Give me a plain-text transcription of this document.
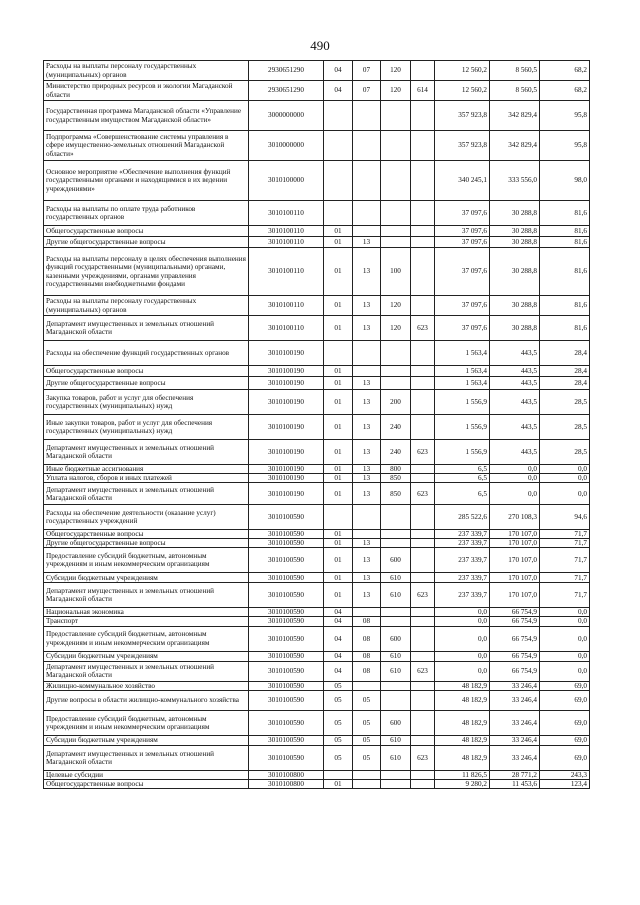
490
Расходы на выплаты персоналу государственных (муниципальных) органов	2930651290	04	07	120		12 560,2	8 560,5	68,2
Министерство природных ресурсов и экологии Магаданской области	2930651290	04	07	120	614	12 560,2	8 560,5	68,2
Государственная программа Магаданской области «Управление государственным имуществом Магаданской области»	3000000000					357 923,8	342 829,4	95,8
Подпрограмма «Совершенствование системы управления в сфере имущественно-земельных отношений Магаданской области»	3010000000					357 923,8	342 829,4	95,8
Основное мероприятие «Обеспечение выполнения функций государственными органами и находящимися в их ведении учреждениями»	3010100000					340 245,1	333 556,0	98,0
Расходы на выплаты по оплате труда работников государственных органов	3010100110					37 097,6	30 288,8	81,6
Общегосударственные вопросы	3010100110	01				37 097,6	30 288,8	81,6
Другие общегосударственные вопросы	3010100110	01	13			37 097,6	30 288,8	81,6
Расходы на выплаты персоналу в целях обеспечения выполнения функций государственными (муниципальными) органами, казенными учреждениями, органами управления государственными внебюджетными фондами	3010100110	01	13	100		37 097,6	30 288,8	81,6
Расходы на выплаты персоналу государственных (муниципальных) органов	3010100110	01	13	120		37 097,6	30 288,8	81,6
Департамент имущественных и земельных отношений Магаданской области	3010100110	01	13	120	623	37 097,6	30 288,8	81,6
Расходы на обеспечение функций государственных органов	3010100190					1 563,4	443,5	28,4
Общегосударственные вопросы	3010100190	01				1 563,4	443,5	28,4
Другие общегосударственные вопросы	3010100190	01	13			1 563,4	443,5	28,4
Закупка товаров, работ и услуг для обеспечения государственных (муниципальных) нужд	3010100190	01	13	200		1 556,9	443,5	28,5
Иные закупки товаров, работ и услуг для обеспечения государственных (муниципальных) нужд	3010100190	01	13	240		1 556,9	443,5	28,5
Департамент имущественных и земельных отношений Магаданской области	3010100190	01	13	240	623	1 556,9	443,5	28,5
Иные бюджетные ассигнования	3010100190	01	13	800		6,5	0,0	0,0
Уплата налогов, сборов и иных платежей	3010100190	01	13	850		6,5	0,0	0,0
Департамент имущественных и земельных отношений Магаданской области	3010100190	01	13	850	623	6,5	0,0	0,0
Расходы на обеспечение деятельности (оказание услуг) государственных учреждений	3010100590					285 522,6	270 108,3	94,6
Общегосударственные вопросы	3010100590	01				237 339,7	170 107,0	71,7
Другие общегосударственные вопросы	3010100590	01	13			237 339,7	170 107,0	71,7
Предоставление субсидий бюджетным, автономным учреждениям и иным некоммерческим организациям	3010100590	01	13	600		237 339,7	170 107,0	71,7
Субсидии бюджетным учреждениям	3010100590	01	13	610		237 339,7	170 107,0	71,7
Департамент имущественных и земельных отношений Магаданской области	3010100590	01	13	610	623	237 339,7	170 107,0	71,7
Национальная экономика	3010100590	04				0,0	66 754,9	0,0
Транспорт	3010100590	04	08			0,0	66 754,9	0,0
Предоставление субсидий бюджетным, автономным учреждениям и иным некоммерческим организациям	3010100590	04	08	600		0,0	66 754,9	0,0
Субсидии бюджетным учреждениям	3010100590	04	08	610		0,0	66 754,9	0,0
Департамент имущественных и земельных отношений Магаданской области	3010100590	04	08	610	623	0,0	66 754,9	0,0
Жилищно-коммунальное хозяйство	3010100590	05				48 182,9	33 246,4	69,0
Другие вопросы в области жилищно-коммунального хозяйства	3010100590	05	05			48 182,9	33 246,4	69,0
Предоставление субсидий бюджетным, автономным учреждениям и иным некоммерческим организациям	3010100590	05	05	600		48 182,9	33 246,4	69,0
Субсидии бюджетным учреждениям	3010100590	05	05	610		48 182,9	33 246,4	69,0
Департамент имущественных и земельных отношений Магаданской области	3010100590	05	05	610	623	48 182,9	33 246,4	69,0
Целевые субсидии	3010100800					11 826,5	28 771,2	243,3
Общегосударственные вопросы	3010100800	01				9 280,2	11 453,6	123,4
